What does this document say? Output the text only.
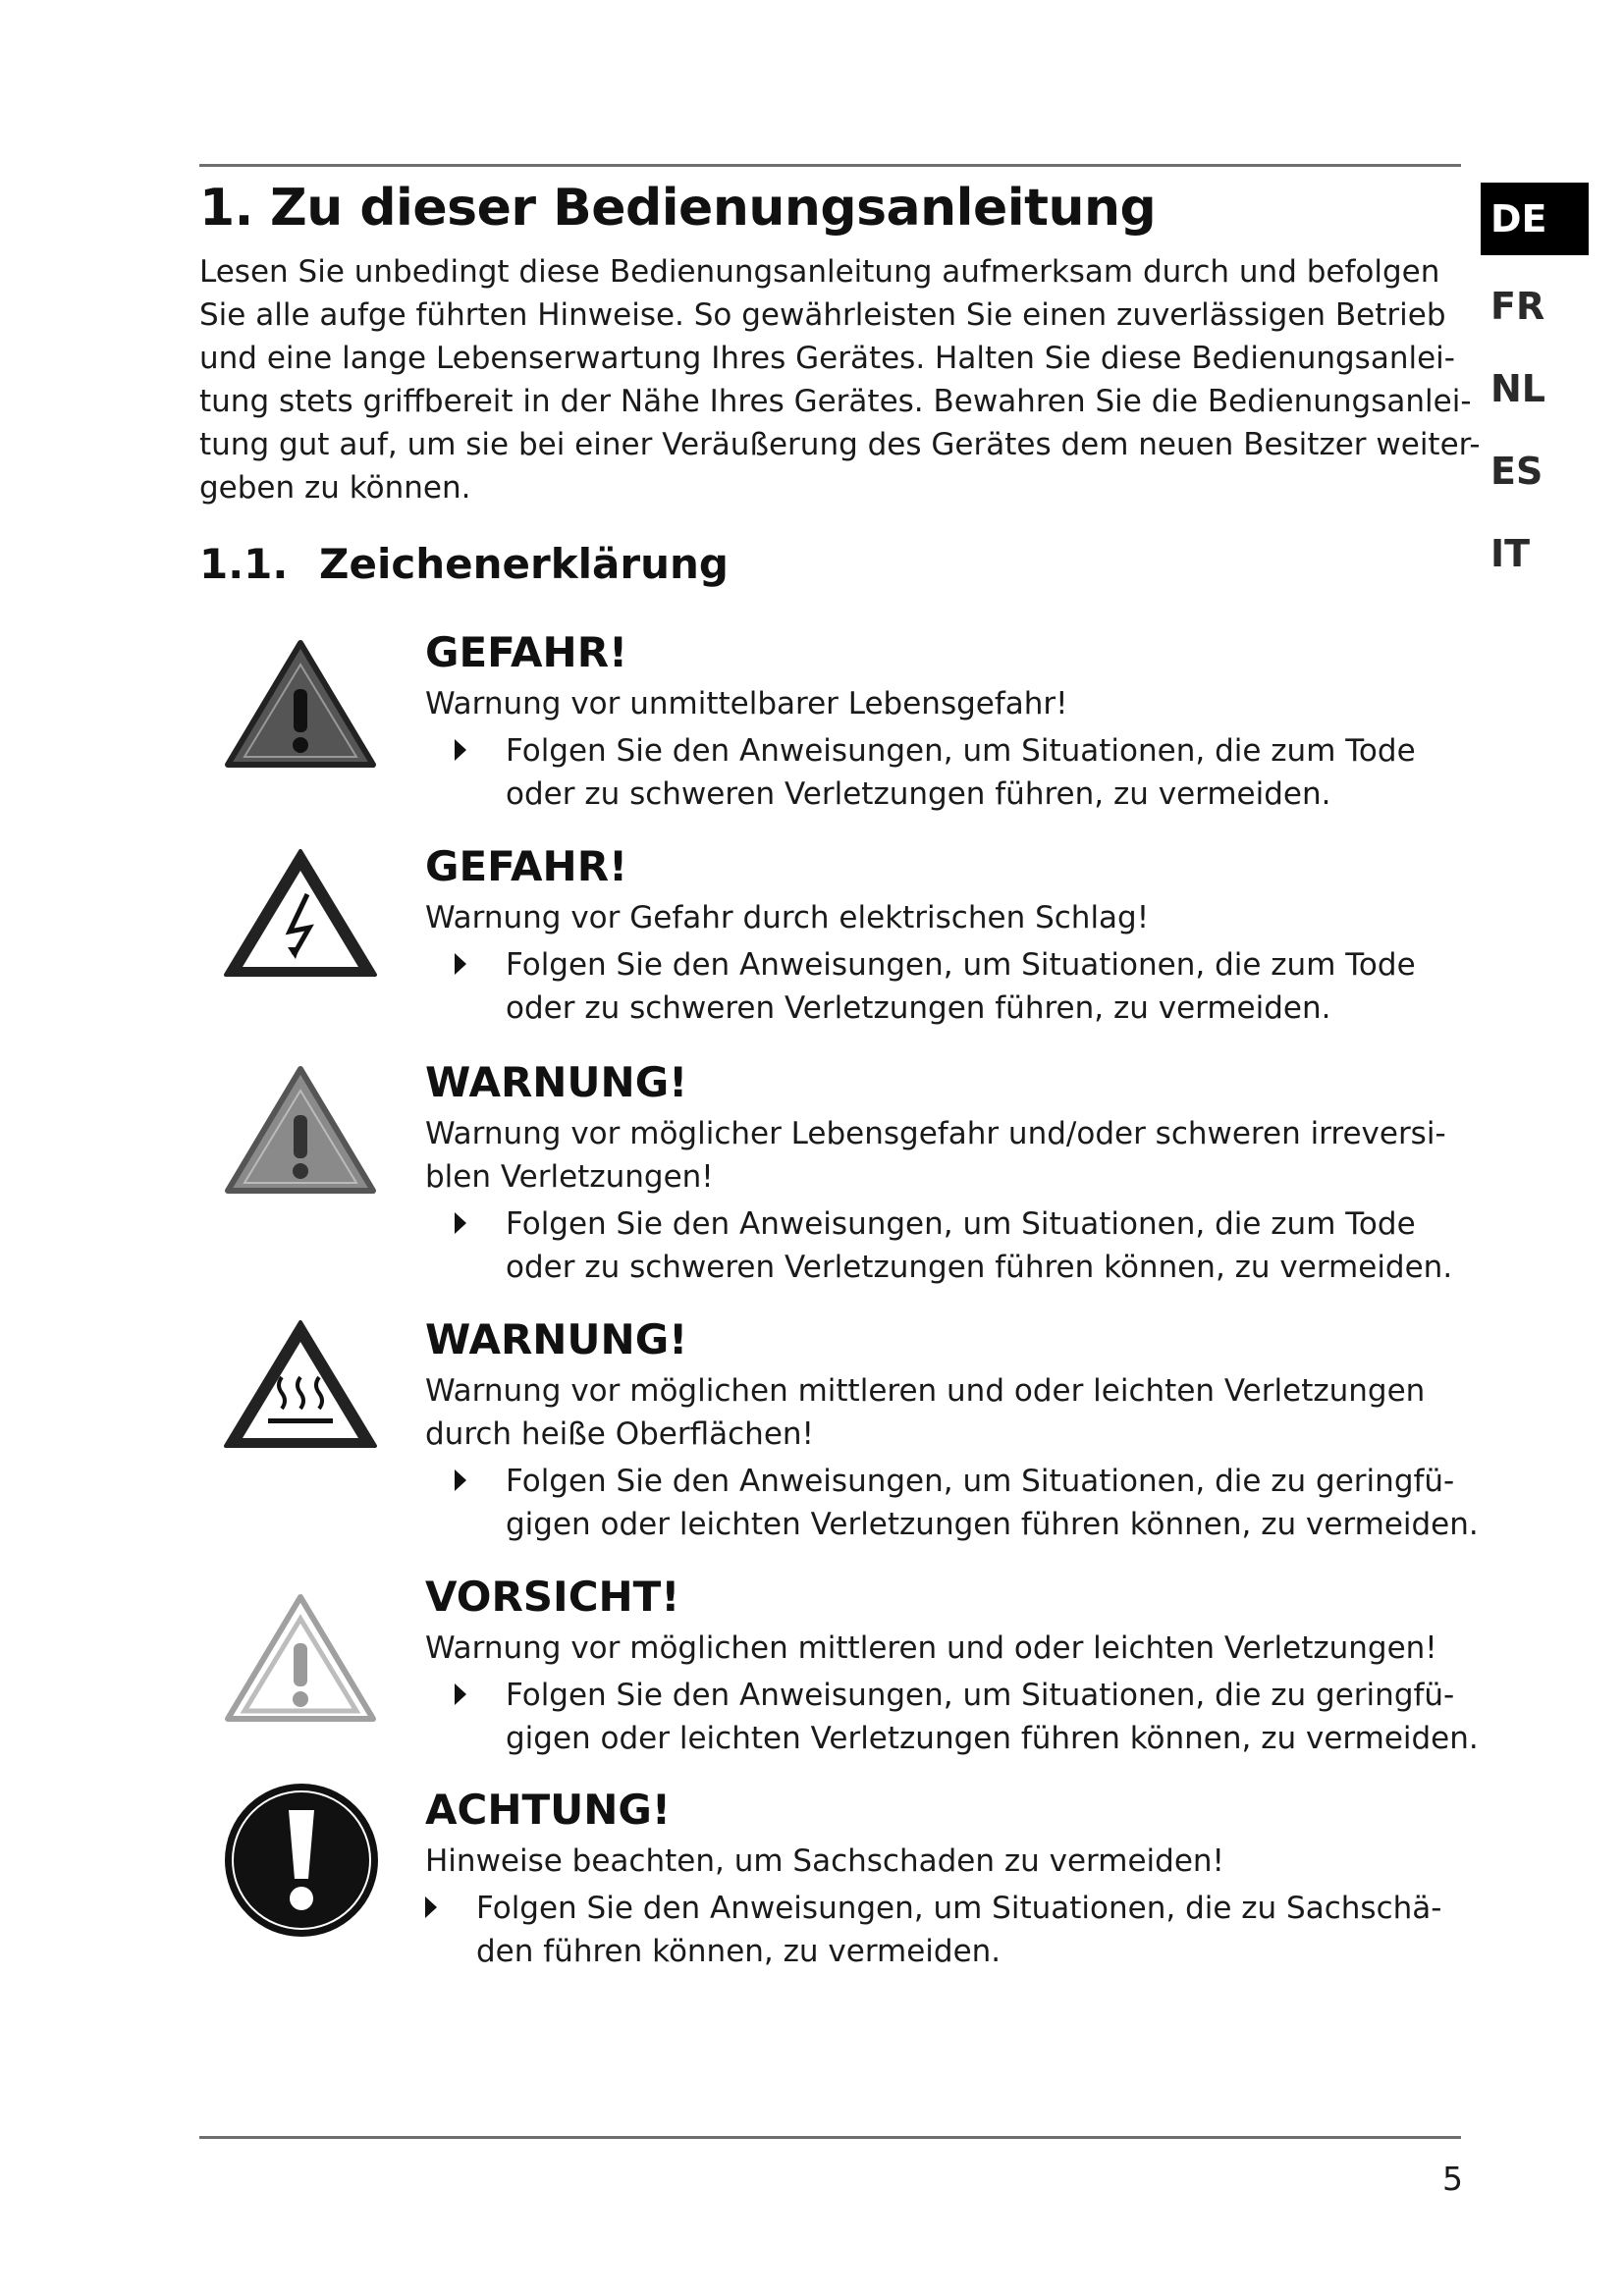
1. Zu dieser Bedienungsanleitung

Lesen Sie unbedingt diese Bedienungsanleitung aufmerksam durch und befolgen
Sie alle aufge führten Hinweise. So gewährleisten Sie einen zuverlässigen Betrieb
und eine lange Lebenserwartung Ihres Gerätes. Halten Sie diese Bedienungsanlei-
tung stets griffbereit in der Nähe Ihres Gerätes. Bewahren Sie die Bedienungsanlei-
tung gut auf, um sie bei einer Veräußerung des Gerätes dem neuen Besitzer weiter-
geben zu können.

1.1. Zeichenerklärung
DE
FR
NL
ES
IT
GEFAHR!
Warnung vor unmittelbarer Lebensgefahr!
Folgen Sie den Anweisungen, um Situationen, die zum Tode
oder zu schweren Verletzungen führen, zu vermeiden.
GEFAHR!
Warnung vor Gefahr durch elektrischen Schlag!
Folgen Sie den Anweisungen, um Situationen, die zum Tode
oder zu schweren Verletzungen führen, zu vermeiden.
WARNUNG!
Warnung vor möglicher Lebensgefahr und/oder schweren irreversi-
blen Verletzungen!
Folgen Sie den Anweisungen, um Situationen, die zum Tode
oder zu schweren Verletzungen führen können, zu vermeiden.
WARNUNG!
Warnung vor möglichen mittleren und oder leichten Verletzungen
durch heiße Oberflächen!
Folgen Sie den Anweisungen, um Situationen, die zu geringfü-
gigen oder leichten Verletzungen führen können, zu vermeiden.
VORSICHT!
Warnung vor möglichen mittleren und oder leichten Verletzungen!
Folgen Sie den Anweisungen, um Situationen, die zu geringfü-
gigen oder leichten Verletzungen führen können, zu vermeiden.
ACHTUNG!
Hinweise beachten, um Sachschaden zu vermeiden!
Folgen Sie den Anweisungen, um Situationen, die zu Sachschä-
den führen können, zu vermeiden.
5
